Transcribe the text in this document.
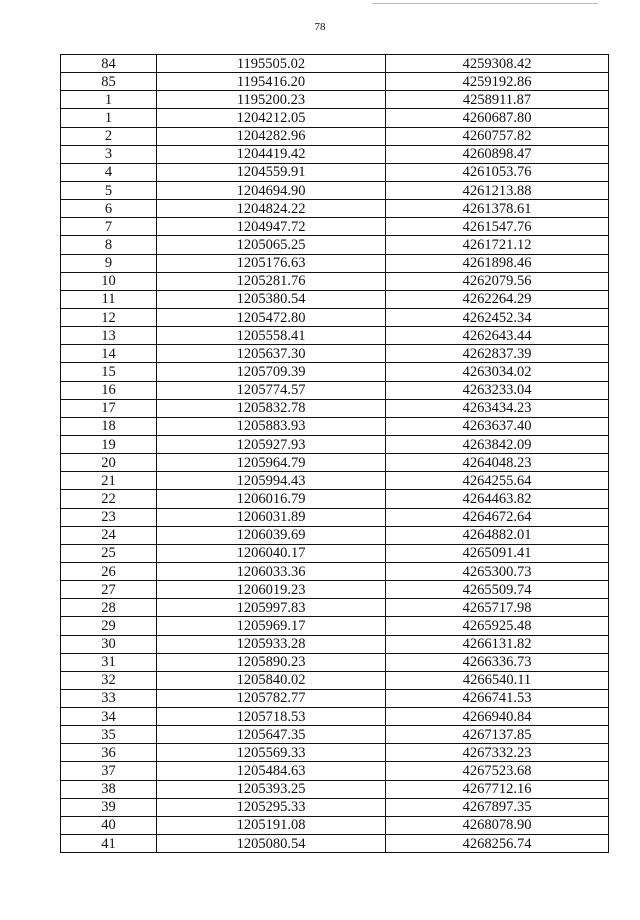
78
84	1195505.02	4259308.42
85	1195416.20	4259192.86
1	1195200.23	4258911.87
1	1204212.05	4260687.80
2	1204282.96	4260757.82
3	1204419.42	4260898.47
4	1204559.91	4261053.76
5	1204694.90	4261213.88
6	1204824.22	4261378.61
7	1204947.72	4261547.76
8	1205065.25	4261721.12
9	1205176.63	4261898.46
10	1205281.76	4262079.56
11	1205380.54	4262264.29
12	1205472.80	4262452.34
13	1205558.41	4262643.44
14	1205637.30	4262837.39
15	1205709.39	4263034.02
16	1205774.57	4263233.04
17	1205832.78	4263434.23
18	1205883.93	4263637.40
19	1205927.93	4263842.09
20	1205964.79	4264048.23
21	1205994.43	4264255.64
22	1206016.79	4264463.82
23	1206031.89	4264672.64
24	1206039.69	4264882.01
25	1206040.17	4265091.41
26	1206033.36	4265300.73
27	1206019.23	4265509.74
28	1205997.83	4265717.98
29	1205969.17	4265925.48
30	1205933.28	4266131.82
31	1205890.23	4266336.73
32	1205840.02	4266540.11
33	1205782.77	4266741.53
34	1205718.53	4266940.84
35	1205647.35	4267137.85
36	1205569.33	4267332.23
37	1205484.63	4267523.68
38	1205393.25	4267712.16
39	1205295.33	4267897.35
40	1205191.08	4268078.90
41	1205080.54	4268256.74
